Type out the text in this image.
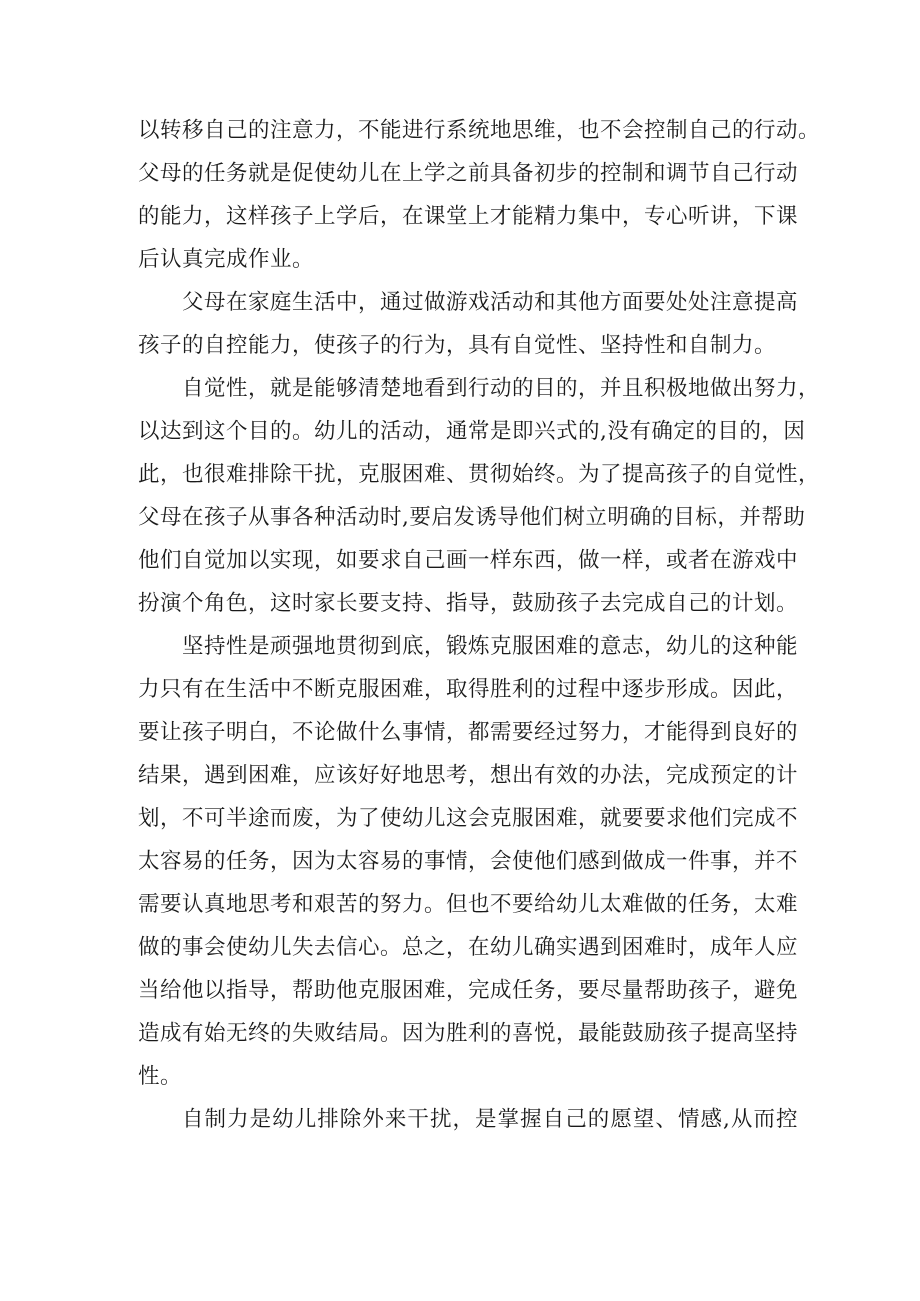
以转移自己的注意力，不能进行系统地思维，也不会控制自己的行动。
父母的任务就是促使幼儿在上学之前具备初步的控制和调节自己行动
的能力，这样孩子上学后，在课堂上才能精力集中，专心听讲，下课
后认真完成作业。
父母在家庭生活中，通过做游戏活动和其他方面要处处注意提高
孩子的自控能力，使孩子的行为，具有自觉性、坚持性和自制力。
自觉性，就是能够清楚地看到行动的目的，并且积极地做出努力，
以达到这个目的。幼儿的活动，通常是即兴式的,没有确定的目的，因
此，也很难排除干扰，克服困难、贯彻始终。为了提高孩子的自觉性，
父母在孩子从事各种活动时,要启发诱导他们树立明确的目标，并帮助
他们自觉加以实现，如要求自己画一样东西，做一样，或者在游戏中
扮演个角色，这时家长要支持、指导，鼓励孩子去完成自己的计划。
坚持性是顽强地贯彻到底，锻炼克服困难的意志，幼儿的这种能
力只有在生活中不断克服困难，取得胜利的过程中逐步形成。因此，
要让孩子明白，不论做什么事情，都需要经过努力，才能得到良好的
结果，遇到困难，应该好好地思考，想出有效的办法，完成预定的计
划，不可半途而废，为了使幼儿这会克服困难，就要要求他们完成不
太容易的任务，因为太容易的事情，会使他们感到做成一件事，并不
需要认真地思考和艰苦的努力。但也不要给幼儿太难做的任务，太难
做的事会使幼儿失去信心。总之，在幼儿确实遇到困难时，成年人应
当给他以指导，帮助他克服困难，完成任务，要尽量帮助孩子，避免
造成有始无终的失败结局。因为胜利的喜悦，最能鼓励孩子提高坚持
性。
自制力是幼儿排除外来干扰，是掌握自己的愿望、情感,从而控
